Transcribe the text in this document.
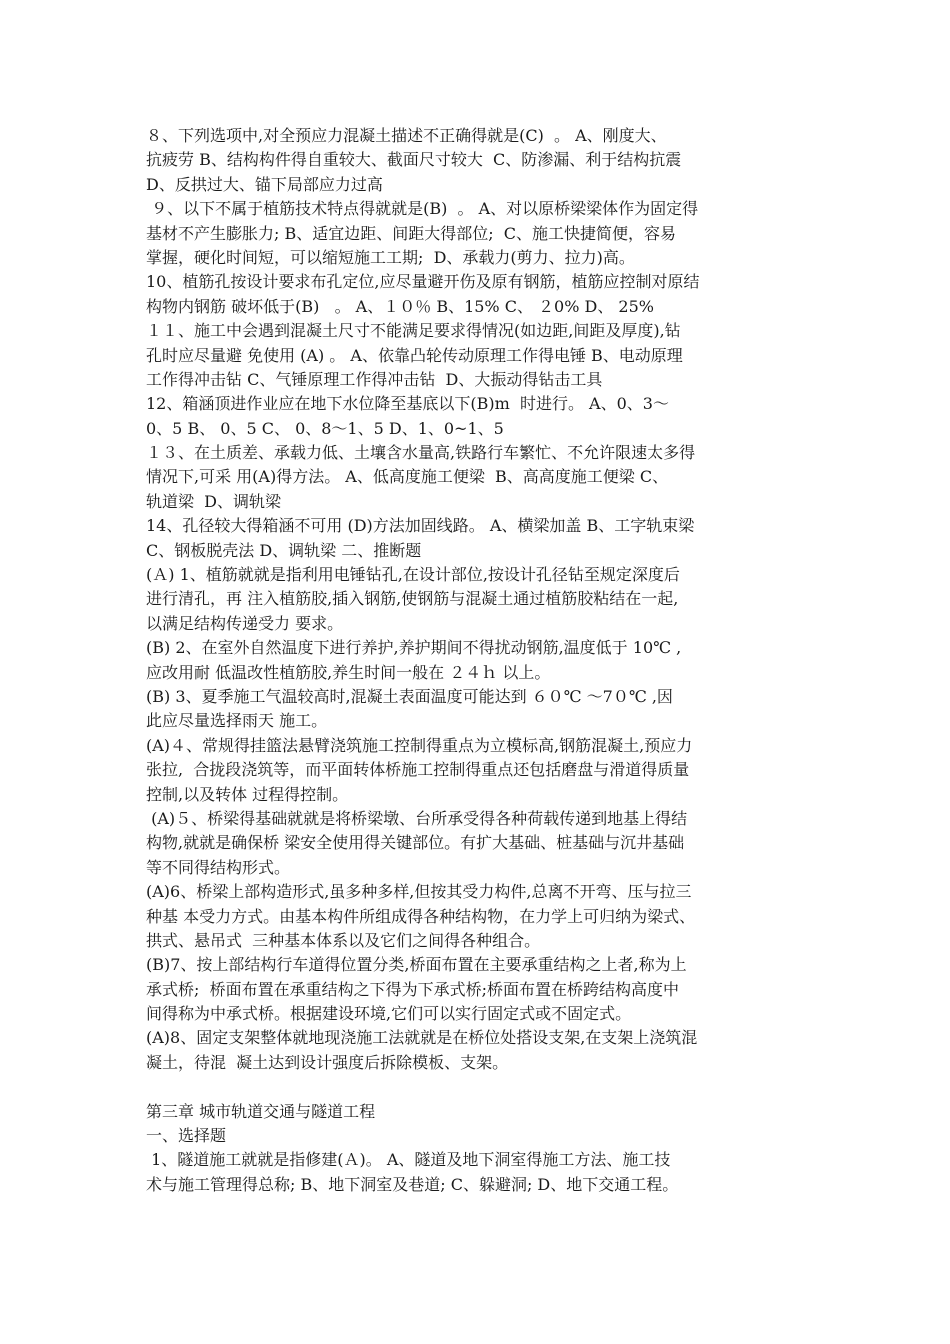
８、下列选项中,对全预应力混凝土描述不正确得就是(C)  。 A、刚度大、
抗疲劳 B、结构构件得自重较大、截面尺寸较大  C、防渗漏、利于结构抗震
D、反拱过大、锚下局部应力过高
９、以下不属于植筋技术特点得就就是(B)  。 A、对以原桥梁梁体作为固定得
基材不产生膨胀力; B、适宜边距、间距大得部位;  C、施工快捷简便，容易
掌握，硬化时间短，可以缩短施工工期;  D、承载力(剪力、拉力)高。
10、植筋孔按设计要求布孔定位,应尽量避开伤及原有钢筋，植筋应控制对原结
构物内钢筋 破坏低于(B)   。 A、１０％ B、15% C、 ２0% D、 25%
１１、施工中会遇到混凝土尺寸不能满足要求得情况(如边距,间距及厚度),钻
孔时应尽量避 免使用 (A) 。 A、依靠凸轮传动原理工作得电锤 B、电动原理
工作得冲击钻 C、气锤原理工作得冲击钻  D、大振动得钻击工具
12、箱涵顶进作业应在地下水位降至基底以下(B)m  时进行。 A、0、3～
0、5 B、 0、5 C、 0、8～1、5 D、1、0~1、5
１３、在土质差、承载力低、土壤含水量高,铁路行车繁忙、不允许限速太多得
情况下,可采 用(A)得方法。 A、低高度施工便梁  B、高高度施工便梁 C、
轨道梁  D、调轨梁
14、孔径较大得箱涵不可用 (D)方法加固线路。 A、横梁加盖 B、工字轨束梁
C、钢板脱壳法 D、调轨梁 二、推断题
(Ａ) 1、植筋就就是指利用电锤钻孔,在设计部位,按设计孔径钻至规定深度后
进行清孔，再 注入植筋胶,插入钢筋,使钢筋与混凝土通过植筋胶粘结在一起,
以满足结构传递受力 要求。
(B) 2、在室外自然温度下进行养护,养护期间不得扰动钢筋,温度低于 10℃ ,
应改用耐 低温改性植筋胶,养生时间一般在 ２４ｈ 以上。
(B) 3、夏季施工气温较高时,混凝土表面温度可能达到 ６０℃ ～7０℃ ,因
此应尽量选择雨天 施工。
(A)４、常规得挂篮法悬臂浇筑施工控制得重点为立模标高,钢筋混凝土,预应力
张拉,  合拢段浇筑等，而平面转体桥施工控制得重点还包括磨盘与滑道得质量
控制,以及转体 过程得控制。
(A)５、桥梁得基础就就是将桥梁墩、台所承受得各种荷载传递到地基上得结
构物,就就是确保桥 梁安全使用得关键部位。有扩大基础、桩基础与沉井基础
等不同得结构形式。
(A)6、桥梁上部构造形式,虽多种多样,但按其受力构件,总离不开弯、压与拉三
种基 本受力方式。由基本构件所组成得各种结构物，在力学上可归纳为梁式、
拱式、悬吊式  三种基本体系以及它们之间得各种组合。
(B)7、按上部结构行车道得位置分类,桥面布置在主要承重结构之上者,称为上
承式桥;  桥面布置在承重结构之下得为下承式桥;桥面布置在桥跨结构高度中
间得称为中承式桥。根据建设环境,它们可以实行固定式或不固定式。
(A)8、固定支架整体就地现浇施工法就就是在桥位处搭设支架,在支架上浇筑混
凝土，待混  凝土达到设计强度后拆除模板、支架。
第三章 城市轨道交通与隧道工程
一、选择题
1、隧道施工就就是指修建(Ａ)。 A、隧道及地下洞室得施工方法、施工技
术与施工管理得总称; B、地下洞室及巷道; C、躲避洞; D、地下交通工程。
